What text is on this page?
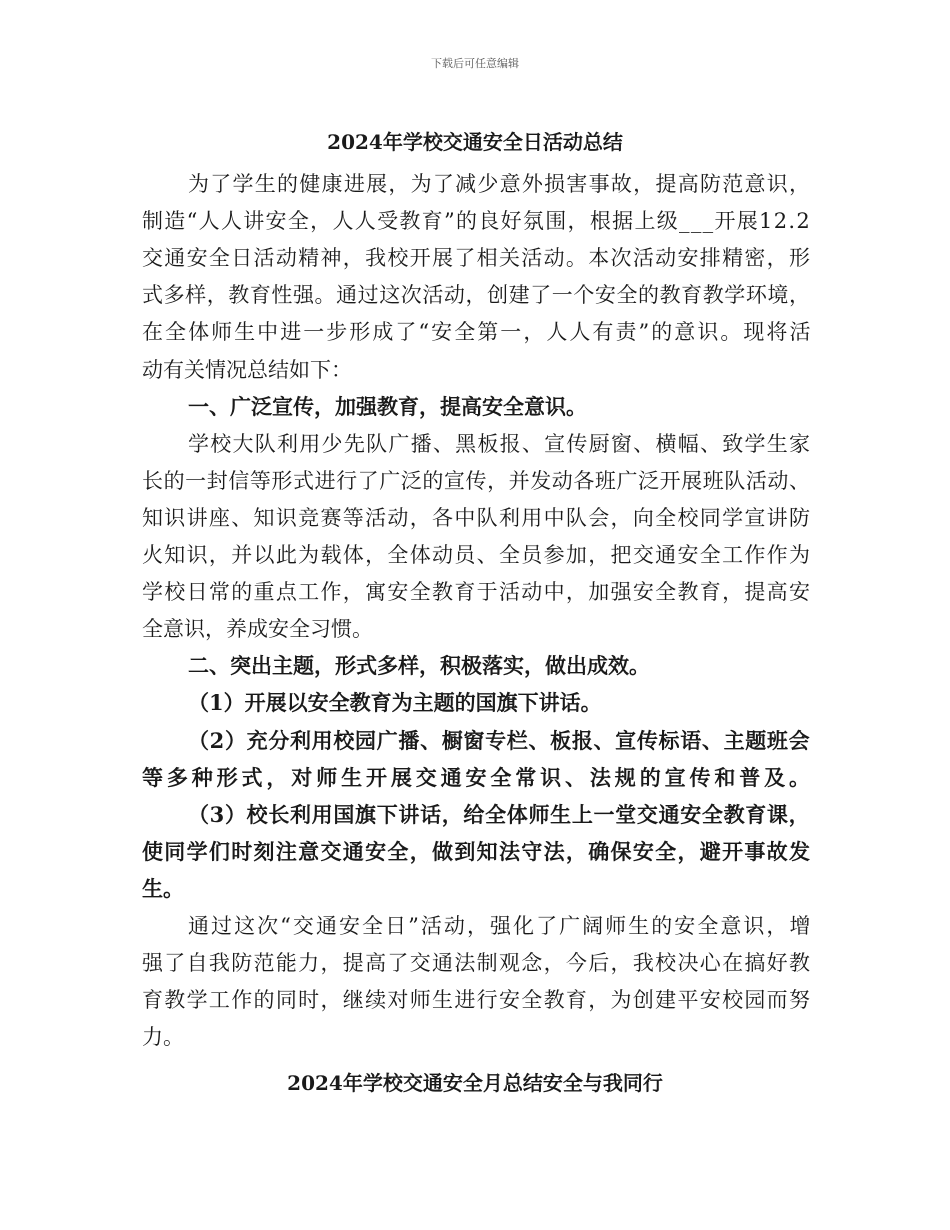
下载后可任意编辑
2024年学校交通安全日活动总结

为了学生的健康进展，为了减少意外损害事故，提高防范意识，

制造“人人讲安全，人人受教育”的良好氛围，根据上级___开展12.2

交通安全日活动精神，我校开展了相关活动。本次活动安排精密，形

式多样，教育性强。通过这次活动，创建了一个安全的教育教学环境，

在全体师生中进一步形成了“安全第一，人人有责”的意识。现将活

动有关情况总结如下：

一、广泛宣传，加强教育，提高安全意识。

学校大队利用少先队广播、黑板报、宣传厨窗、横幅、致学生家

长的一封信等形式进行了广泛的宣传，并发动各班广泛开展班队活动、

知识讲座、知识竞赛等活动，各中队利用中队会，向全校同学宣讲防

火知识，并以此为载体，全体动员、全员参加，把交通安全工作作为

学校日常的重点工作，寓安全教育于活动中，加强安全教育，提高安

全意识，养成安全习惯。

二、突出主题，形式多样，积极落实，做出成效。

（1）开展以安全教育为主题的国旗下讲话。

（2）充分利用校园广播、橱窗专栏、板报、宣传标语、主题班会

等多种形式，对师生开展交通安全常识、法规的宣传和普及。

（3）校长利用国旗下讲话，给全体师生上一堂交通安全教育课，

使同学们时刻注意交通安全，做到知法守法，确保安全，避开事故发

生。

通过这次“交通安全日”活动，强化了广阔师生的安全意识，增

强了自我防范能力，提高了交通法制观念，今后，我校决心在搞好教

育教学工作的同时，继续对师生进行安全教育，为创建平安校园而努

力。

2024年学校交通安全月总结安全与我同行
